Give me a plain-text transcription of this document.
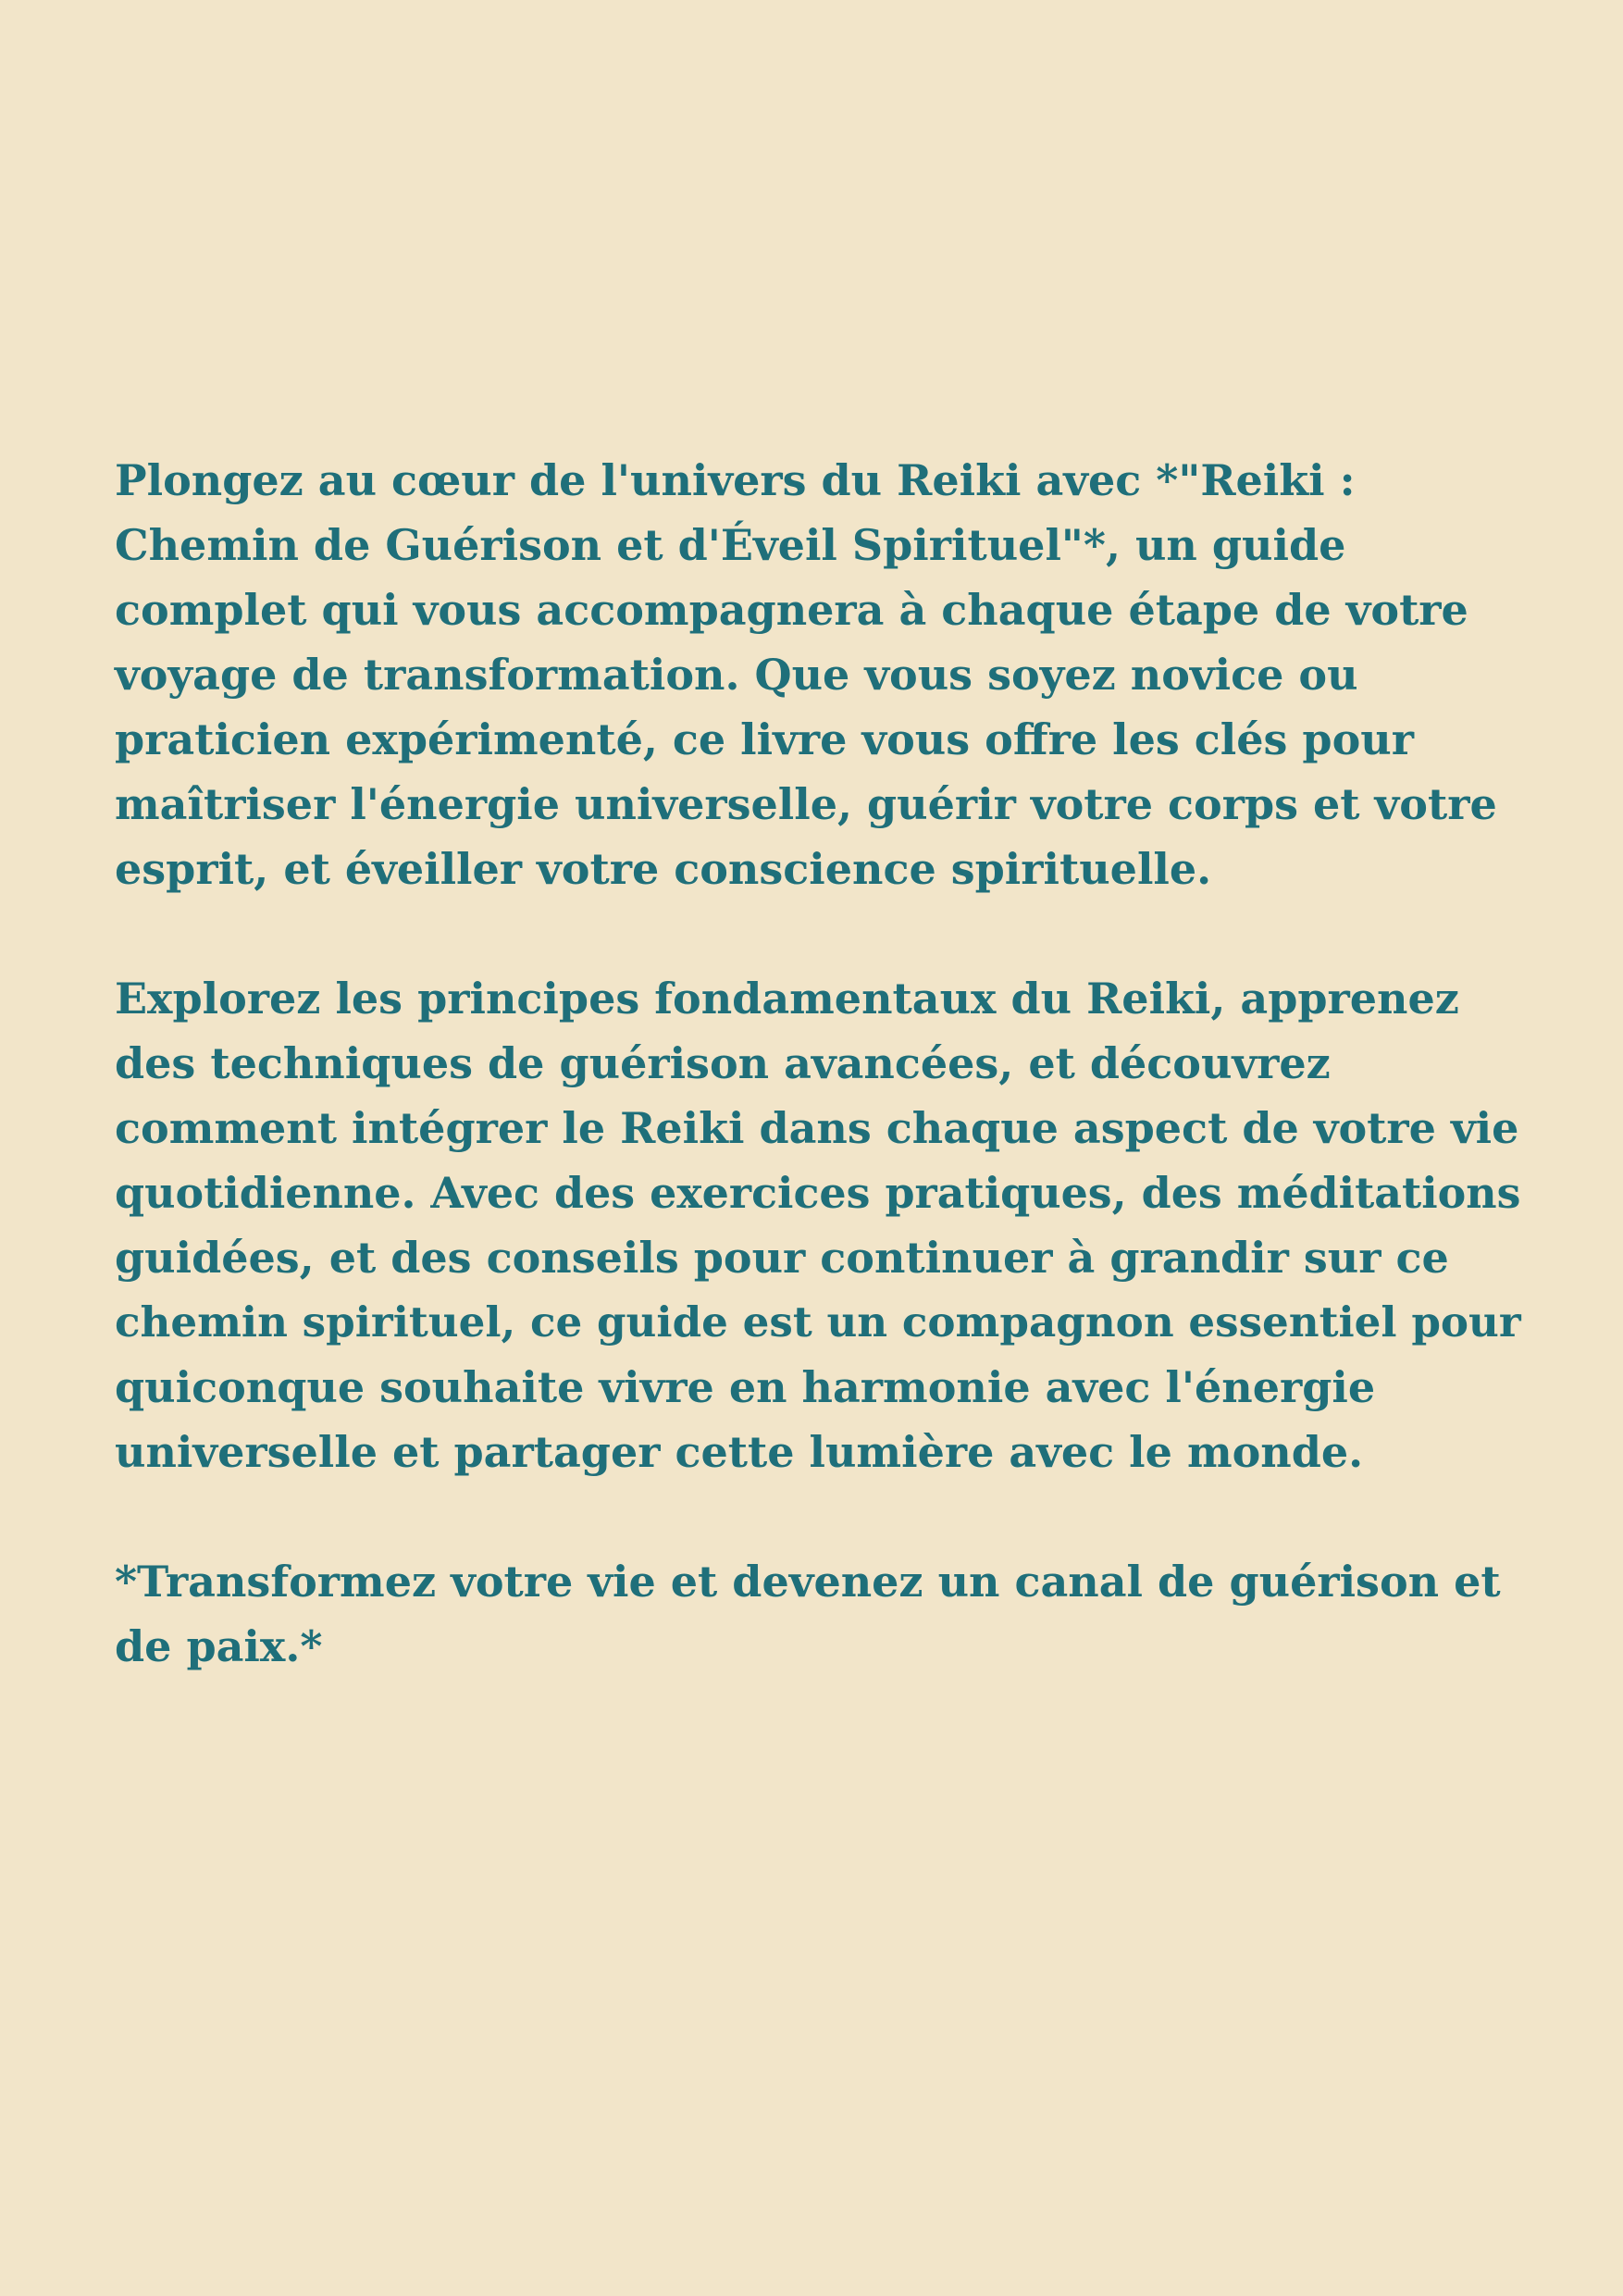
Plongez au cœur de l'univers du Reiki avec *"Reiki :
Chemin de Guérison et d'Éveil Spirituel"*, un guide
complet qui vous accompagnera à chaque étape de votre
voyage de transformation. Que vous soyez novice ou
praticien expérimenté, ce livre vous offre les clés pour
maîtriser l'énergie universelle, guérir votre corps et votre
esprit, et éveiller votre conscience spirituelle.
Explorez les principes fondamentaux du Reiki, apprenez
des techniques de guérison avancées, et découvrez
comment intégrer le Reiki dans chaque aspect de votre vie
quotidienne. Avec des exercices pratiques, des méditations
guidées, et des conseils pour continuer à grandir sur ce
chemin spirituel, ce guide est un compagnon essentiel pour
quiconque souhaite vivre en harmonie avec l'énergie
universelle et partager cette lumière avec le monde.
*Transformez votre vie et devenez un canal de guérison et
de paix.*
